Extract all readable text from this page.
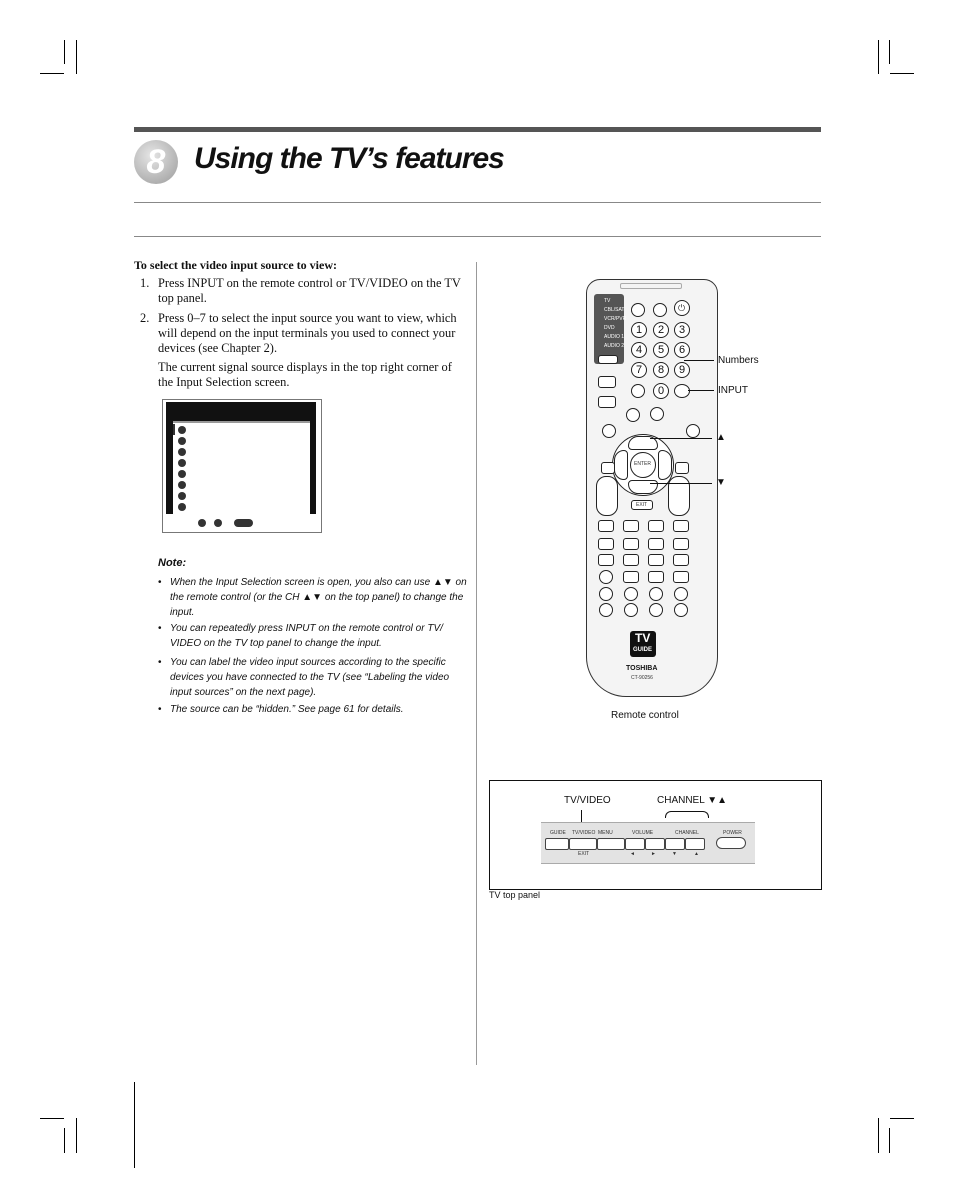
8 Using the TV’s features
To select the video input source to view:
1. Press INPUT on the remote control or TV/VIDEO on the TV top panel.
2. Press 0–7 to select the input source you want to view, which will depend on the input terminals you used to connect your devices (see Chapter 2).
The current signal source displays in the top right corner of the Input Selection screen.
Note:
• When the Input Selection screen is open, you also can use ▲▼ on the remote control (or the CH ▲▼ on the top panel) to change the input.
• You can repeatedly press INPUT on the remote control or TV/ VIDEO on the TV top panel to change the input.
• You can label the video input sources according to the specific devices you have connected to the TV (see “Labeling the video input sources” on the next page).
• The source can be “hidden.” See page 61 for details.
TV
CBL/SAT
VCR/PVR
DVD
AUDIO 1
AUDIO 2
⏻
1	2	3
4	5	6
7	8	9
0
ENTER
EXIT
TV
GUIDE
TOSHIBA
CT-90256
Numbers
INPUT
▲
▼
Remote control
TV/VIDEO	CHANNEL ▼▲
GUIDE TV/VIDEO MENU	VOLUME	CHANNEL	POWER
EXIT	◄	►	▼	▲
TV top panel
